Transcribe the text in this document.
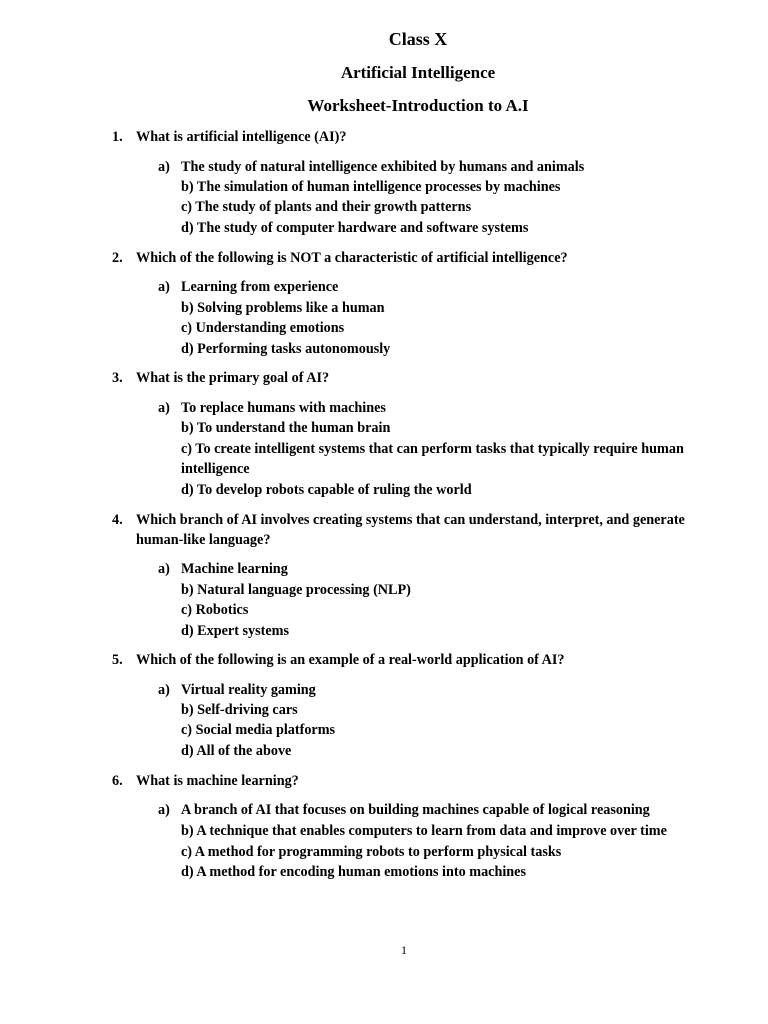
Class X
Artificial Intelligence
Worksheet-Introduction to A.I
1. What is artificial intelligence (AI)?
a) The study of natural intelligence exhibited by humans and animals
b) The simulation of human intelligence processes by machines
c) The study of plants and their growth patterns
d) The study of computer hardware and software systems
2. Which of the following is NOT a characteristic of artificial intelligence?
a) Learning from experience
b) Solving problems like a human
c) Understanding emotions
d) Performing tasks autonomously
3. What is the primary goal of AI?
a) To replace humans with machines
b) To understand the human brain
c) To create intelligent systems that can perform tasks that typically require human intelligence
d) To develop robots capable of ruling the world
4. Which branch of AI involves creating systems that can understand, interpret, and generate human-like language?
a) Machine learning
b) Natural language processing (NLP)
c) Robotics
d) Expert systems
5. Which of the following is an example of a real-world application of AI?
a) Virtual reality gaming
b) Self-driving cars
c) Social media platforms
d) All of the above
6. What is machine learning?
a) A branch of AI that focuses on building machines capable of logical reasoning
b) A technique that enables computers to learn from data and improve over time
c) A method for programming robots to perform physical tasks
d) A method for encoding human emotions into machines
1
